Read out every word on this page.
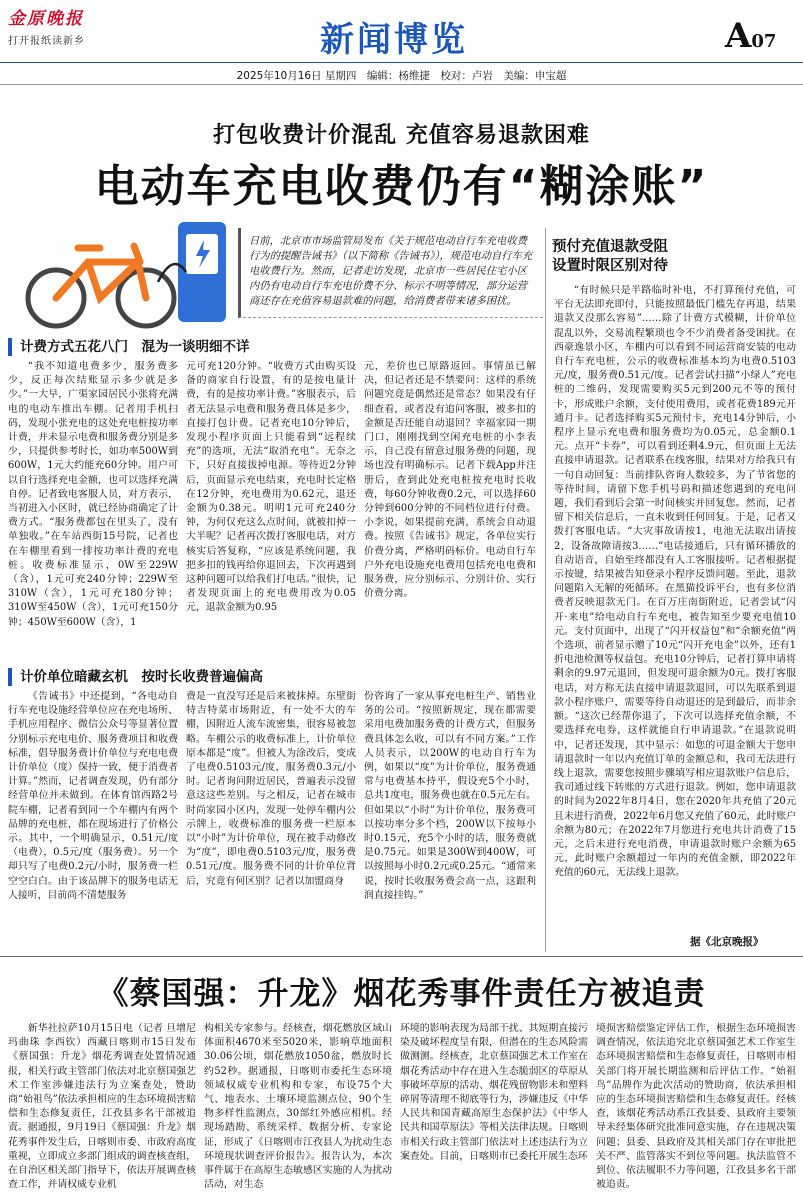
金原晚报
打开报纸读新乡	新闻博览	A07
2025年10月16日 星期四　编辑：杨维捷　校对：卢岩　美编：申宝超
打包收费计价混乱 充值容易退款困难
电动车充电收费仍有“糊涂账”
日前，北京市市场监管局发布《关于规范电动自行车充电收费行为的提醒告诫书》（以下简称《告诫书》），规范电动自行车充电收费行为。然而，记者走访发现，北京市一些居民住宅小区内仍有电动自行车充电价费不分、标示不明等情况，部分运营商还存在充值容易退款难的问题，给消费者带来诸多困扰。
计费方式五花八门　混为一谈明细不详

“我不知道电费多少，服务费多少，反正每次结账显示多少就是多少。”一大早，广渠家园居民小张将充满电的电动车推出车棚。记者用手机扫码，发现小张充电的这处充电桩按功率计费，并未显示电费和服务费分别是多少，只提供参考时长，如功率500W到600W，1元大约能充60分钟。用户可以自行选择充电金额，也可以选择充满自停。记者致电客服人员，对方表示，当初进入小区时，就已经协商确定了计费方式。“服务费都包在里头了，没有单独收。”在车站西街15号院，记者也在车棚里看到一排按功率计费的充电桩。收费标准显示，0W至229W（含），1元可充240分钟；229W至310W（含），1元可充180分钟；310W至450W（含），1元可充150分钟；450W至600W（含），1

元可充120分钟。“收费方式由购买设备的商家自行设置，有的是按电量计费，有的是按功率计费。”客服表示，后者无法显示电费和服务费具体是多少，直接打包计费。记者充电10分钟后，发现小程序页面上只能看到“远程续充”的选项，无法“取消充电”。无奈之下，只好直接拔掉电源。等待近2分钟后，页面显示充电结束，充电时长定格在12分钟，充电费用为0.62元，退还金额为0.38元。明明1元可充240分钟，为何仅充这么点时间，就被扣掉一大半呢？记者再次拨打客服电话，对方核实后答复称，“应该是系统问题，我把多扣的钱再给你退回去，下次再遇到这种问题可以给我们打电话。”很快，记者发现页面上的充电费用改为0.05元，退款金额为0.95

元，差价也已原路返回。事情虽已解决，但记者还是不禁要问：这样的系统问题究竟是偶然还是常态？如果没有仔细查看，或者没有追问客服，被多扣的金额是否还能自动退回？幸福家园一期门口，刚刚找到空闲充电桩的小李表示，自己没有留意过服务费的问题，现场也没有明确标示。记者下载App并注册后，查到此处充电桩按充电时长收费，每60分钟收费0.2元，可以选择60分钟到600分钟的不同档位进行付费。小李说，如果提前充满，系统会自动退费。按照《告诫书》规定，各单位实行价费分离，严格明码标价。电动自行车户外充电设施充电费用包括充电电费和服务费，应分别标示、分别计价、实行价费分离。

计价单位暗藏玄机　按时长收费普遍偏高

《告诫书》中还提到，“各电动自行车充电设施经营单位应在充电场所、手机应用程序、微信公众号等显著位置分别标示充电电价、服务费项目和收费标准，倡导服务费计价单位与充电电费计价单位（度）保持一致，便于消费者计算。”然而，记者调查发现，仍有部分经营单位并未做到。在体育馆西路2号院车棚，记者看到同一个车棚内有两个品牌的充电桩，都在现场进行了价格公示。其中，一个明确显示，0.51元/度（电费），0.5元/度（服务费）。另一个却只写了电费0.2元/小时，服务费一栏空空白白。由于该品牌下的服务电话无人接听，目前尚不清楚服务

费是一直没写还是后来被抹掉。东壁街特吉特菜市场附近，有一处不大的车棚，因附近人流车流密集，很容易被忽略。车棚公示的收费标准上，计价单位原本都是“度”。但被人为涂改后，变成了电费0.5103元/度，服务费0.3元/小时。记者询问附近居民，普遍表示没留意这这些差别。与之相反，记者在城市时尚家园小区内，发现一处停车棚内公示牌上，收费标准的服务费一栏原本以“小时”为计价单位，现在被手动修改为“度”，即电费0.5103元/度，服务费0.51元/度。服务费不同的计价单位背后，究竟有何区别？记者以加盟商身

份咨询了一家从事充电桩生产、销售业务的公司。“按照新规定，现在都需要采用电费加服务费的计费方式，但服务费具体怎么收，可以有不同方案。”工作人员表示，以200W的电动自行车为例，如果以“度”为计价单位，服务费通常与电费基本持平，假设充5个小时，总共1度电，服务费也就在0.5元左右。但如果以“小时”为计价单位，服务费可以按功率分多个档，200W以下按每小时0.15元，充5个小时的话，服务费就是0.75元。如果是300W到400W，可以按照每小时0.2元或0.25元。“通常来说，按时长收服务费会高一点，这跟利润直接挂钩。”

预付充值退款受阻
设置时限区别对待

“有时候只是半路临时补电，不打算预付充值，可平台无法即充即付，只能按照最低门槛先存再退，结果退款又没那么容易”……除了计费方式模糊，计价单位混乱以外，交易流程繁琐也令不少消费者备受困扰。在西豪逸景小区，车棚内可以看到不同运营商安装的电动自行车充电桩，公示的收费标准基本均为电费0.5103元/度，服务费0.51元/度。记者尝试扫描“小绿人”充电桩的二维码，发现需要购买5元到200元不等的预付卡，形成账户余额，支付使用费用，或者花费189元开通月卡。记者选择购买5元预付卡，充电14分钟后，小程序上显示充电费和服务费均为0.05元，总金额0.1元。点开“卡券”，可以看到还剩4.9元，但页面上无法直接申请退款。记者联系在线客服，结果对方给我只有一句自动回复：当前排队咨询人数较多，为了节省您的等待时间，请留下您手机号码和描述您遇到的充电问题，我们看到后会第一时间核实并回复您。然而，记者留下相关信息后，一直未收到任何回复。于是，记者又拨打客服电话。“大灾事故请按1，电池无法取出请按2，设备故障请按3……”电话接通后，只有循环播放的自动语音，自始至终都没有人工客服接听。记者根据提示按键，结果被告知登录小程序反馈问题。至此，退款问题陷入无解的死循环。在黑猫投诉平台，也有多位消费者反映退款无门。在百万庄南街附近，记者尝试“闪开·来电”给电动自行车充电，被告知至少要充电值10元。支付页面中，出现了“闪开权益包”和“余额充值”两个选项，前者显示赠了10元“闪开充电金”以外，还有1折电池检测等权益包。充电10分钟后，记者打算申请将剩余的9.97元退回，但发现可退余额为0元。拨打客服电话，对方称无法直接申请退款退回，可以先联系到退款小程序账户，需要等待自动退还的是到最后，而非余额。“这次已经帮你退了，下次可以选择充值余额，不要选择充电券，这样就能自行申请退款。”在退款说明中，记者还发现，其中显示：如您的可退金额大于您申请退款时一年以内充值订单的金额总和，我司无法进行线上退款，需要您按照步骤填写相应退款账户信息后，我司通过线下转账的方式进行退款。例如，您申请退款的时间为2022年8月4日，您在2020年共充值了20元且未进行消费，2022年6月您又充值了60元，此时账户余额为80元；在2022年7月您进行充电共计消费了15元，之后未进行充电消费，申请退款时账户余额为65元，此时账户余额超过一年内的充值金额，即2022年充值的60元，无法线上退款。

据《北京晚报》
《蔡国强：升龙》烟花秀事件责任方被追责

新华社拉萨10月15日电（记者 旦增尼玛曲珠 李西钦）西藏日喀则市15日发布《蔡国强：升龙》烟花秀调查处置情况通报，相关行政主管部门依法对北京蔡国强艺术工作室涉嫌违法行为立案查处，赞助商“始祖鸟”依法承担相应的生态环境损害赔偿和生态修复责任，江孜县多名干部被追责。据通报，9月19日《蔡国强：升龙》烟花秀事件发生后，日喀则市委、市政府高度重视，立即成立多部门组成的调查核查组，在自治区相关部门指导下，依法开展调查核查工作，并请权威专业机

构相关专家参与。经核查，烟花燃放区域山体面积4670米至5020米，影响草地面积30.06公顷，烟花燃放1050盆，燃放时长约52秒。据通报，日喀则市委托生态环境领域权威专业机构和专家，布设75个大气、地表水、土壤环境监测点位，90个生物多样性监测点，30部红外感应相机。经现场踏勘、系统采样、数据分析、专家论证，形成了《日喀则市江孜县人为扰动生态环境现状调查评价报告》。报告认为，本次事件属于在高原生态敏感区实施的人为扰动活动，对生态

环境的影响表现为局部干扰、其短期直接污染及破坏程度呈有限，但潜在的生态风险需做测测。经核查，北京蔡国强艺术工作室在烟花秀活动中存在进入生态脆弱区的草原从事破坏草原的活动、烟花残留物影未和塑料碎屑等清理不彻底等行为，涉嫌违反《中华人民共和国青藏高原生态保护法》《中华人民共和国草原法》等相关法律法规。日喀则市相关行政主管部门依法对上述违法行为立案查处。目前，日喀则市已委托开展生态环

境损害赔偿鉴定评估工作，根据生态环境损害调查情况，依法追究北京蔡国强艺术工作室生态环境损害赔偿和生态修复责任，日喀则市相关部门将开展长期监测和后评估工作。“始祖鸟”品牌作为此次活动的赞助商，依法承担相应的生态环境损害赔偿和生态修复责任。经核查，该烟花秀活动系江孜县委、县政府主要领导未经集体研究批准同意实施，存在违规决策问题；县委、县政府及其相关部门存在审批把关不严、监管落实不到位等问题。执法监管不到位、依法履职不力等问题，江孜县多名干部被追责。
